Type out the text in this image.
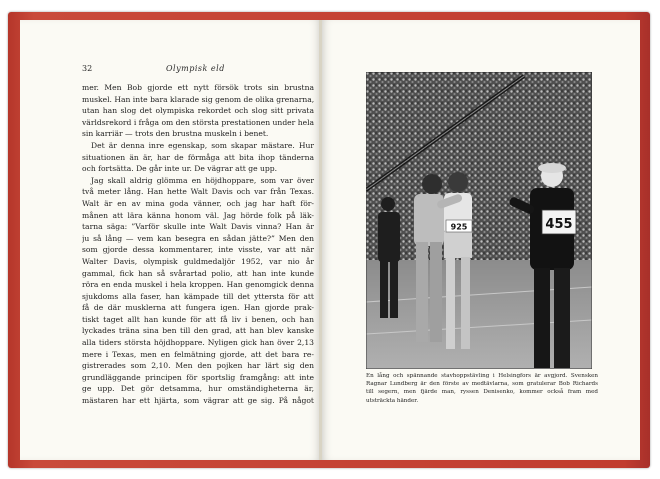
32	Olympisk eld
mer. Men Bob gjorde ett nytt försök trots sin brustna
muskel. Han inte bara klarade sig genom de olika grenarna,
utan han slog det olympiska rekordet och slog sitt privata
världsrekord i fråga om den största prestationen under hela
sin karriär — trots den brustna muskeln i benet.
Det är denna inre egenskap, som skapar mästare. Hur
situationen än är, har de förmåga att bita ihop tänderna
och fortsätta. De går inte ur. De vägrar att ge upp.
Jag skall aldrig glömma en höjdhoppare, som var över
två meter lång. Han hette Walt Davis och var från Texas.
Walt är en av mina goda vänner, och jag har haft för-
månen att lära känna honom väl. Jag hörde folk på läk-
tarna säga: ”Varför skulle inte Walt Davis vinna? Han är
ju så lång — vem kan besegra en sådan jätte?” Men den
som gjorde dessa kommentarer, inte visste, var att när
Walter Davis, olympisk guldmedaljör 1952, var nio år
gammal, fick han så svårartad polio, att han inte kunde
röra en enda muskel i hela kroppen. Han genomgick denna
sjukdoms alla faser, han kämpade till det yttersta för att
få de där musklerna att fungera igen. Han gjorde prak-
tiskt taget allt han kunde för att få liv i benen, och han
lyckades träna sina ben till den grad, att han blev kanske
alla tiders största höjdhoppare. Nyligen gick han över 2,13
mere i Texas, men en felmätning gjorde, att det bara re-
gistrerades som 2,10. Men den pojken har lärt sig den
grundläggande principen för sportslig framgång: att inte
ge upp. Det gör detsamma, hur omständigheterna är,
mästaren har ett hjärta, som vägrar att ge sig. På något
925	455
En lång och spännande stavhoppstävling i Helsingfors är avgjord. Svensken
Ragnar Lundberg är den förste av medtävlarna, som gratulerar Bob Richards
till segern, men fjärde man, ryssen Denisenko, kommer också fram med
utsträckta händer.
